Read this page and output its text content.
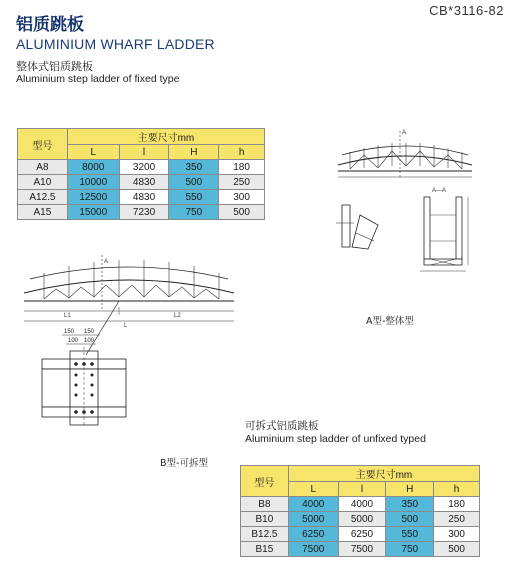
CB*3116-82
铝质跳板
ALUMINIUM WHARF LADDER
整体式铝质跳板
Aluminium step ladder of fixed type
型号	主要尺寸mm			
	L	l	H	h
A8	8000	3200	350	180
A10	10000	4830	500	250
A12.5	12500	4830	550	300
A15	15000	7230	750	500
A
A—A
A型-整体型
A
L1	L2
L
150 150
100 100
B型-可拆型
可拆式铝质跳板
Aluminium step ladder of unfixed typed
型号	主要尺寸mm			
	L	l	H	h
B8	4000	4000	350	180
B10	5000	5000	500	250
B12.5	6250	6250	550	300
B15	7500	7500	750	500
